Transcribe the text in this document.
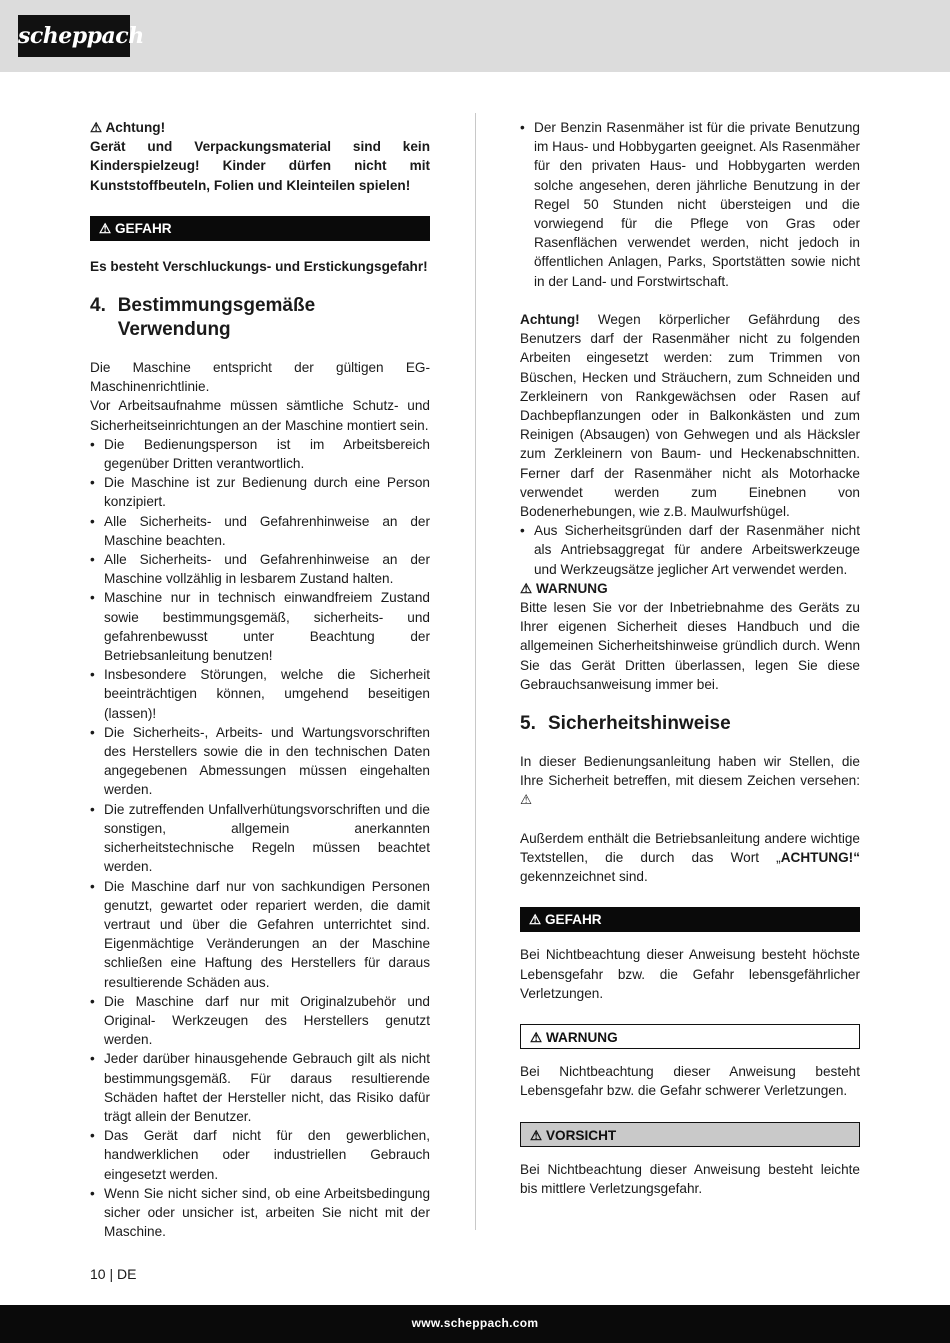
scheppach

⚠ Achtung!

Gerät und Verpackungsmaterial sind kein Kinderspielzeug! Kinder dürfen nicht mit Kunststoffbeuteln, Folien und Kleinteilen spielen!

⚠ GEFAHR

Es besteht Verschluckungs- und Erstickungsgefahr!

4. Bestimmungsgemäße Verwendung

Die Maschine entspricht der gültigen EG-Maschinenrichtlinie.

Vor Arbeitsaufnahme müssen sämtliche Schutz- und Sicherheitseinrichtungen an der Maschine montiert sein.

• Die Bedienungsperson ist im Arbeitsbereich gegenüber Dritten verantwortlich.
• Die Maschine ist zur Bedienung durch eine Person konzipiert.
• Alle Sicherheits- und Gefahrenhinweise an der Maschine beachten.
• Alle Sicherheits- und Gefahrenhinweise an der Maschine vollzählig in lesbarem Zustand halten.
• Maschine nur in technisch einwandfreiem Zustand sowie bestimmungsgemäß, sicherheits- und gefahrenbewusst unter Beachtung der Betriebsanleitung benutzen!
• Insbesondere Störungen, welche die Sicherheit beeinträchtigen können, umgehend beseitigen (lassen)!
• Die Sicherheits-, Arbeits- und Wartungsvorschriften des Herstellers sowie die in den technischen Daten angegebenen Abmessungen müssen eingehalten werden.
• Die zutreffenden Unfallverhütungsvorschriften und die sonstigen, allgemein anerkannten sicherheitstechnische Regeln müssen beachtet werden.
• Die Maschine darf nur von sachkundigen Personen genutzt, gewartet oder repariert werden, die damit vertraut und über die Gefahren unterrichtet sind. Eigenmächtige Veränderungen an der Maschine schließen eine Haftung des Herstellers für daraus resultierende Schäden aus.
• Die Maschine darf nur mit Originalzubehör und Original- Werkzeugen des Herstellers genutzt werden.
• Jeder darüber hinausgehende Gebrauch gilt als nicht bestimmungsgemäß. Für daraus resultierende Schäden haftet der Hersteller nicht, das Risiko dafür trägt allein der Benutzer.
• Das Gerät darf nicht für den gewerblichen, handwerklichen oder industriellen Gebrauch eingesetzt werden.
• Wenn Sie nicht sicher sind, ob eine Arbeitsbedingung sicher oder unsicher ist, arbeiten Sie nicht mit der Maschine.
• Der Benzin Rasenmäher ist für die private Benutzung im Haus- und Hobbygarten geeignet. Als Rasenmäher für den privaten Haus- und Hobbygarten werden solche angesehen, deren jährliche Benutzung in der Regel 50 Stunden nicht übersteigen und die vorwiegend für die Pflege von Gras oder Rasenflächen verwendet werden, nicht jedoch in öffentlichen Anlagen, Parks, Sportstätten sowie nicht in der Land- und Forstwirtschaft.

Achtung! Wegen körperlicher Gefährdung des Benutzers darf der Rasenmäher nicht zu folgenden Arbeiten eingesetzt werden: zum Trimmen von Büschen, Hecken und Sträuchern, zum Schneiden und Zerkleinern von Rankgewächsen oder Rasen auf Dachbepflanzungen oder in Balkonkästen und zum Reinigen (Absaugen) von Gehwegen und als Häcksler zum Zerkleinern von Baum- und Heckenabschnitten. Ferner darf der Rasenmäher nicht als Motorhacke verwendet werden zum Einebnen von Bodenerhebungen, wie z.B. Maulwurfshügel.

• Aus Sicherheitsgründen darf der Rasenmäher nicht als Antriebsaggregat für andere Arbeitswerkzeuge und Werkzeugsätze jeglicher Art verwendet werden.

⚠ WARNUNG

Bitte lesen Sie vor der Inbetriebnahme des Geräts zu Ihrer eigenen Sicherheit dieses Handbuch und die allgemeinen Sicherheitshinweise gründlich durch. Wenn Sie das Gerät Dritten überlassen, legen Sie diese Gebrauchsanweisung immer bei.

5. Sicherheitshinweise

In dieser Bedienungsanleitung haben wir Stellen, die Ihre Sicherheit betreffen, mit diesem Zeichen versehen: ⚠

Außerdem enthält die Betriebsanleitung andere wichtige Textstellen, die durch das Wort „ACHTUNG!“ gekennzeichnet sind.

⚠ GEFAHR

Bei Nichtbeachtung dieser Anweisung besteht höchste Lebensgefahr bzw. die Gefahr lebensgefährlicher Verletzungen.

⚠ WARNUNG

Bei Nichtbeachtung dieser Anweisung besteht Lebensgefahr bzw. die Gefahr schwerer Verletzungen.

⚠ VORSICHT

Bei Nichtbeachtung dieser Anweisung besteht leichte bis mittlere Verletzungsgefahr.

10 | DE
www.scheppach.com
